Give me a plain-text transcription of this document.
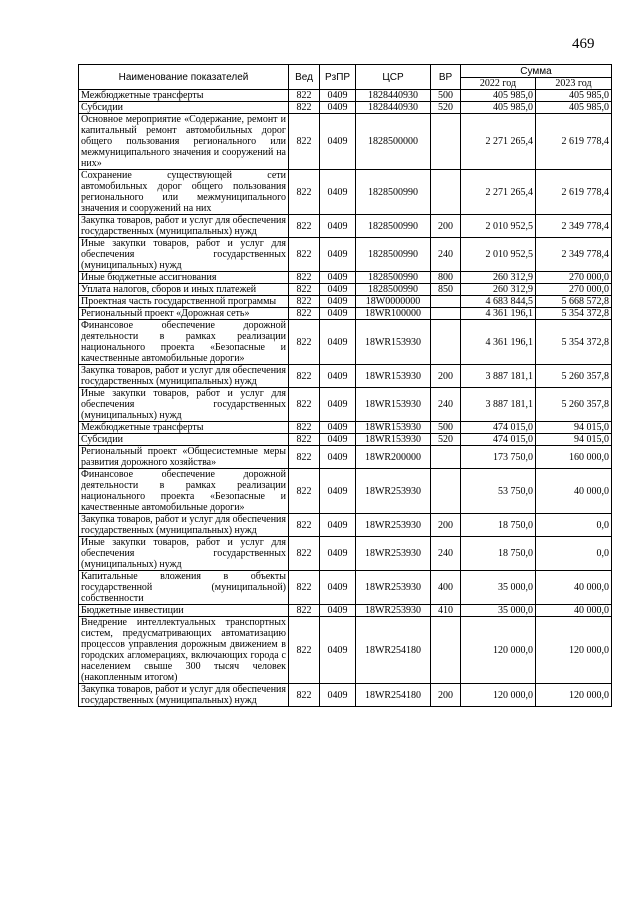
469
Наименование показателей	Вед	РзПР	ЦСР	ВР	Сумма	
					2022 год	2023 год
Межбюджетные трансферты	822	0409	1828440930	500	405 985,0	405 985,0
Субсидии	822	0409	1828440930	520	405 985,0	405 985,0
Основное мероприятие «Содержание, ремонт и капитальный ремонт автомобильных дорог общего пользования регионального или межмуниципального значения и сооружений на них»	822	0409	1828500000		2 271 265,4	2 619 778,4
Сохранение существующей сети автомобильных дорог общего пользования регионального или межмуниципального значения и сооружений на них	822	0409	1828500990		2 271 265,4	2 619 778,4
Закупка товаров, работ и услуг для обеспечения государственных (муниципальных) нужд	822	0409	1828500990	200	2 010 952,5	2 349 778,4
Иные закупки товаров, работ и услуг для обеспечения государственных (муниципальных) нужд	822	0409	1828500990	240	2 010 952,5	2 349 778,4
Иные бюджетные ассигнования	822	0409	1828500990	800	260 312,9	270 000,0
Уплата налогов, сборов и иных платежей	822	0409	1828500990	850	260 312,9	270 000,0
Проектная часть государственной программы	822	0409	18W0000000		4 683 844,5	5 668 572,8
Региональный проект «Дорожная сеть»	822	0409	18WR100000		4 361 196,1	5 354 372,8
Финансовое обеспечение дорожной деятельности в рамках реализации национального проекта «Безопасные и качественные автомобильные дороги»	822	0409	18WR153930		4 361 196,1	5 354 372,8
Закупка товаров, работ и услуг для обеспечения государственных (муниципальных) нужд	822	0409	18WR153930	200	3 887 181,1	5 260 357,8
Иные закупки товаров, работ и услуг для обеспечения государственных (муниципальных) нужд	822	0409	18WR153930	240	3 887 181,1	5 260 357,8
Межбюджетные трансферты	822	0409	18WR153930	500	474 015,0	94 015,0
Субсидии	822	0409	18WR153930	520	474 015,0	94 015,0
Региональный проект «Общесистемные меры развития дорожного хозяйства»	822	0409	18WR200000		173 750,0	160 000,0
Финансовое обеспечение дорожной деятельности в рамках реализации национального проекта «Безопасные и качественные автомобильные дороги»	822	0409	18WR253930		53 750,0	40 000,0
Закупка товаров, работ и услуг для обеспечения государственных (муниципальных) нужд	822	0409	18WR253930	200	18 750,0	0,0
Иные закупки товаров, работ и услуг для обеспечения государственных (муниципальных) нужд	822	0409	18WR253930	240	18 750,0	0,0
Капитальные вложения в объекты государственной (муниципальной) собственности	822	0409	18WR253930	400	35 000,0	40 000,0
Бюджетные инвестиции	822	0409	18WR253930	410	35 000,0	40 000,0
Внедрение интеллектуальных транспортных систем, предусматривающих автоматизацию процессов управления дорожным движением в городских агломерациях, включающих города с населением свыше 300 тысяч человек (накопленным итогом)	822	0409	18WR254180		120 000,0	120 000,0
Закупка товаров, работ и услуг для обеспечения государственных (муниципальных) нужд	822	0409	18WR254180	200	120 000,0	120 000,0
